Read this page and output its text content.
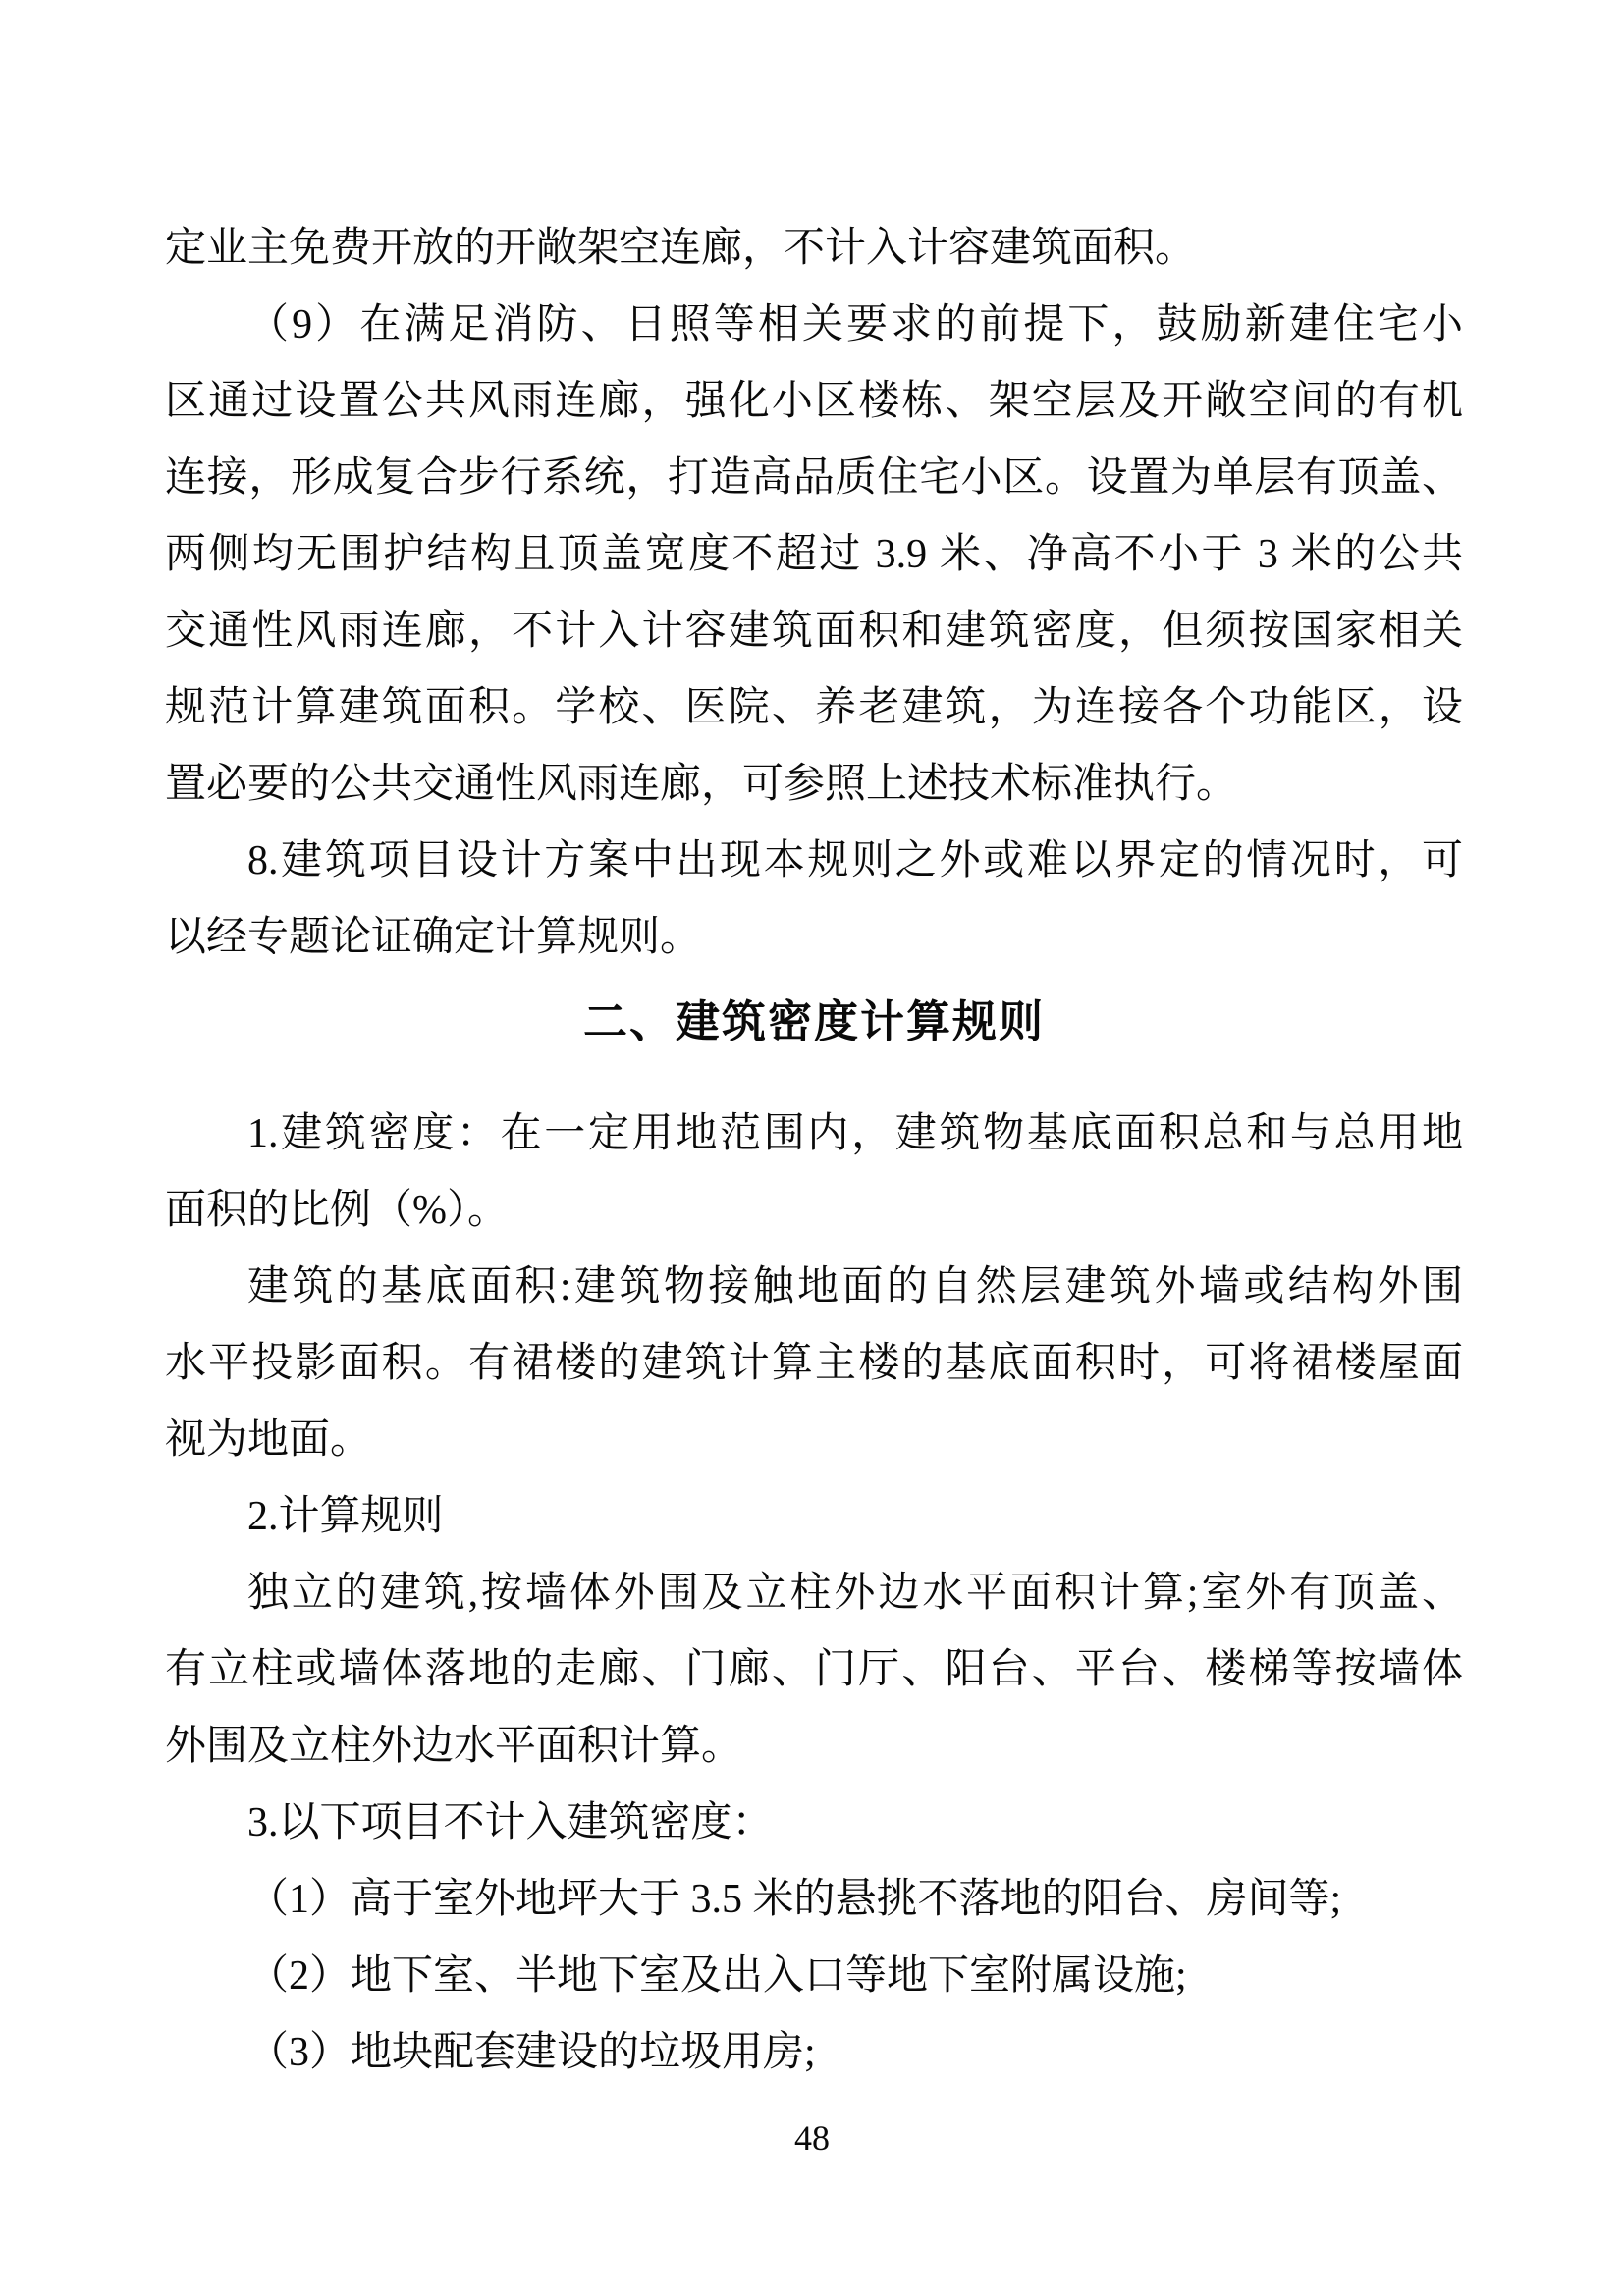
定业主免费开放的开敞架空连廊，不计入计容建筑面积。
（9）在满足消防、日照等相关要求的前提下，鼓励新建住宅小
区通过设置公共风雨连廊，强化小区楼栋、架空层及开敞空间的有机
连接，形成复合步行系统，打造高品质住宅小区。设置为单层有顶盖、
两侧均无围护结构且顶盖宽度不超过 3.9 米、净高不小于 3 米的公共
交通性风雨连廊，不计入计容建筑面积和建筑密度，但须按国家相关
规范计算建筑面积。学校、医院、养老建筑，为连接各个功能区，设
置必要的公共交通性风雨连廊，可参照上述技术标准执行。
8.建筑项目设计方案中出现本规则之外或难以界定的情况时，可
以经专题论证确定计算规则。
二、建筑密度计算规则
1.建筑密度：在一定用地范围内，建筑物基底面积总和与总用地
面积的比例（%）。
建筑的基底面积:建筑物接触地面的自然层建筑外墙或结构外围
水平投影面积。有裙楼的建筑计算主楼的基底面积时，可将裙楼屋面
视为地面。
2.计算规则
独立的建筑,按墙体外围及立柱外边水平面积计算;室外有顶盖、
有立柱或墙体落地的走廊、门廊、门厅、阳台、平台、楼梯等按墙体
外围及立柱外边水平面积计算。
3.以下项目不计入建筑密度：
（1）高于室外地坪大于 3.5 米的悬挑不落地的阳台、房间等;
（2）地下室、半地下室及出入口等地下室附属设施;
（3）地块配套建设的垃圾用房;
48
